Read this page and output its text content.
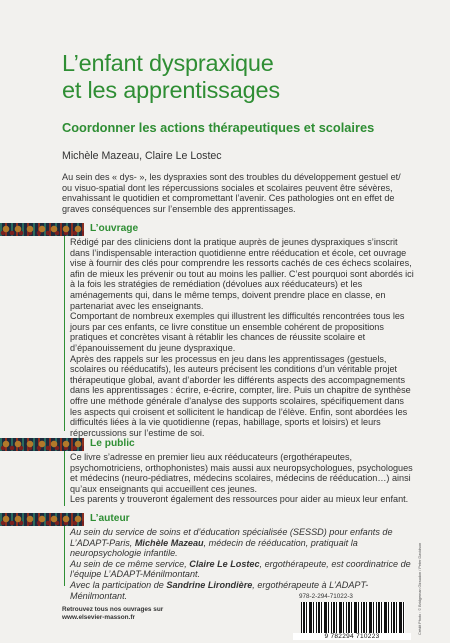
L’enfant dyspraxique
et les apprentissages
Coordonner les actions thérapeutiques et scolaires

Michèle Mazeau, Claire Le Lostec

Au sein des « dys- », les dyspraxies sont des troubles du développement gestuel et/ ou visuo-spatial dont les répercussions sociales et scolaires peuvent être sévères, envahissant le quotidien et compromettant l’avenir. Ces pathologies ont en effet de graves conséquences sur l’ensemble des apprentissages.

L’ouvrage

Rédigé par des cliniciens dont la pratique auprès de jeunes dyspraxiques s’inscrit dans l’indispensable interaction quotidienne entre rééducation et école, cet ouvrage vise à fournir des clés pour comprendre les ressorts cachés de ces échecs scolaires, afin de mieux les prévenir ou tout au moins les pallier. C’est pourquoi sont abordés ici à la fois les stratégies de remédiation (dévolues aux rééducateurs) et les aménagements qui, dans le même temps, doivent prendre place en classe, en partenariat avec les enseignants.

Comportant de nombreux exemples qui illustrent les difficultés rencontrées tous les jours par ces enfants, ce livre constitue un ensemble cohérent de propositions pratiques et concrètes visant à rétablir les chances de réussite scolaire et d’épanouissement du jeune dyspraxique.

Après des rappels sur les processus en jeu dans les apprentissages (gestuels, scolaires ou rééducatifs), les auteurs précisent les conditions d’un véritable projet thérapeutique global, avant d’aborder les différents aspects des accompagnements dans les apprentissages : écrire, e-écrire, compter, lire. Puis un chapitre de synthèse offre une méthode générale d’analyse des supports scolaires, spécifiquement dans les aspects qui croisent et sollicitent le handicap de l’élève. Enfin, sont abordées les difficultés liées à la vie quotidienne (repas, habillage, sports et loisirs) et leurs répercussions sur l’estime de soi.

Le public

Ce livre s’adresse en premier lieu aux rééducateurs (ergothérapeutes, psychomotriciens, orthophonistes) mais aussi aux neuropsychologues, psychologues et médecins (neuro-pédiatres, médecins scolaires, médecins de rééducation…) ainsi qu’aux enseignants qui accueillent ces jeunes.

Les parents y trouveront également des ressources pour aider au mieux leur enfant.

L’auteur

Au sein du service de soins et d’éducation spécialisée (SESSD) pour enfants de L’ADAPT-Paris, Michèle Mazeau, médecin de rééducation, pratiquait la neuropsychologie infantile.

Au sein de ce même service, Claire Le Lostec, ergothérapeute, est coordinatrice de l’équipe L’ADAPT-Ménilmontant.

Avec la participation de Sandrine Lirondière, ergothérapeute à L’ADAPT-Ménilmontant.

Retrouvez tous nos ouvrages sur
www.elsevier-masson.fr
978-2-294-71022-3
9 782294 710223
Crédit Photo : © Bridgeman Giraudon / Peter Davidson
